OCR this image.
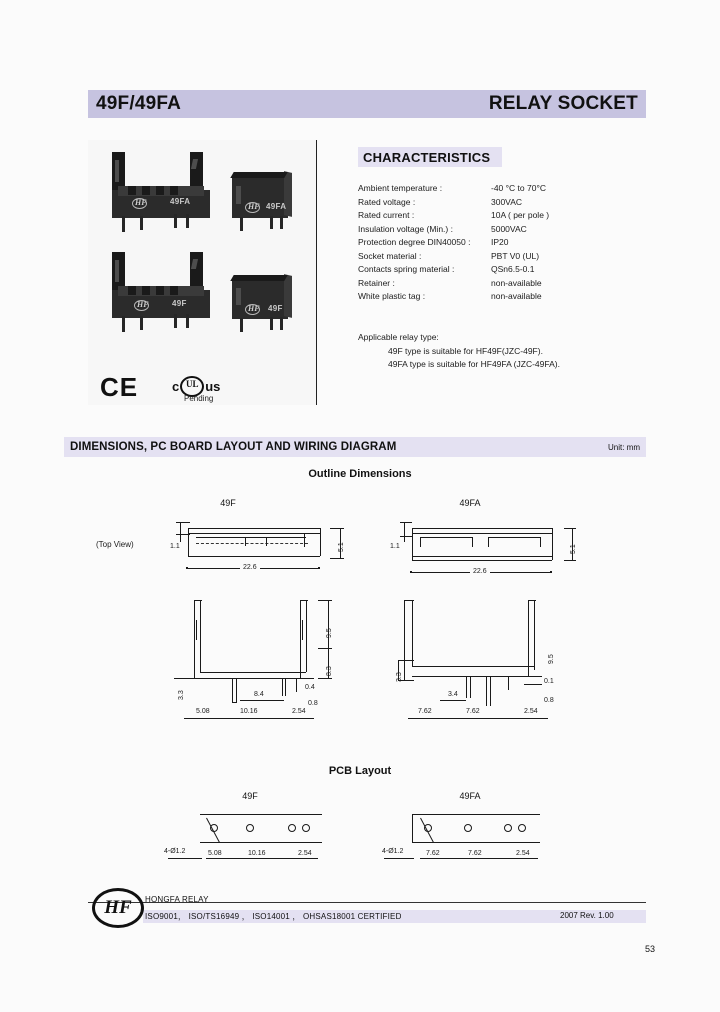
49F/49FA	RELAY SOCKET
HF	49FA
HF 49FA
HF	49F
HF 49F
CE	c UL us
Pending
CHARACTERISTICS
Ambient temperature :	-40 °C to 70°C
Rated voltage :	300VAC
Rated current :	10A ( per pole )
Insulation voltage (Min.) :	5000VAC
Protection degree DIN40050 :	IP20
Socket material :	PBT V0 (UL)
Contacts spring material :	QSn6.5-0.1
Retainer :	non-available
White plastic tag :	non-available
Applicable relay type:
49F type is suitable for HF49F(JZC-49F).
49FA type is suitable for HF49FA (JZC-49FA).
DIMENSIONS, PC BOARD LAYOUT AND WIRING DIAGRAM	Unit: mm
Outline Dimensions
49F	49FA
(Top View)	1.1
22.6
5.1	1.1
22.6
5.1
3.3
0.4
0.8
8.4
9.5
8.3
5.08	10.16	2.54
3.3
3.4
0.1
0.8
9.5
7.62	7.62	2.54
PCB Layout
49F	49FA
4-Ø1.2	5.08	10.16	2.54	4-Ø1.2	7.62	7.62	2.54
HF HONGFA RELAY
ISO9001， ISO/TS16949 ， ISO14001 ， OHSAS18001 CERTIFIED	2007 Rev. 1.00
53
